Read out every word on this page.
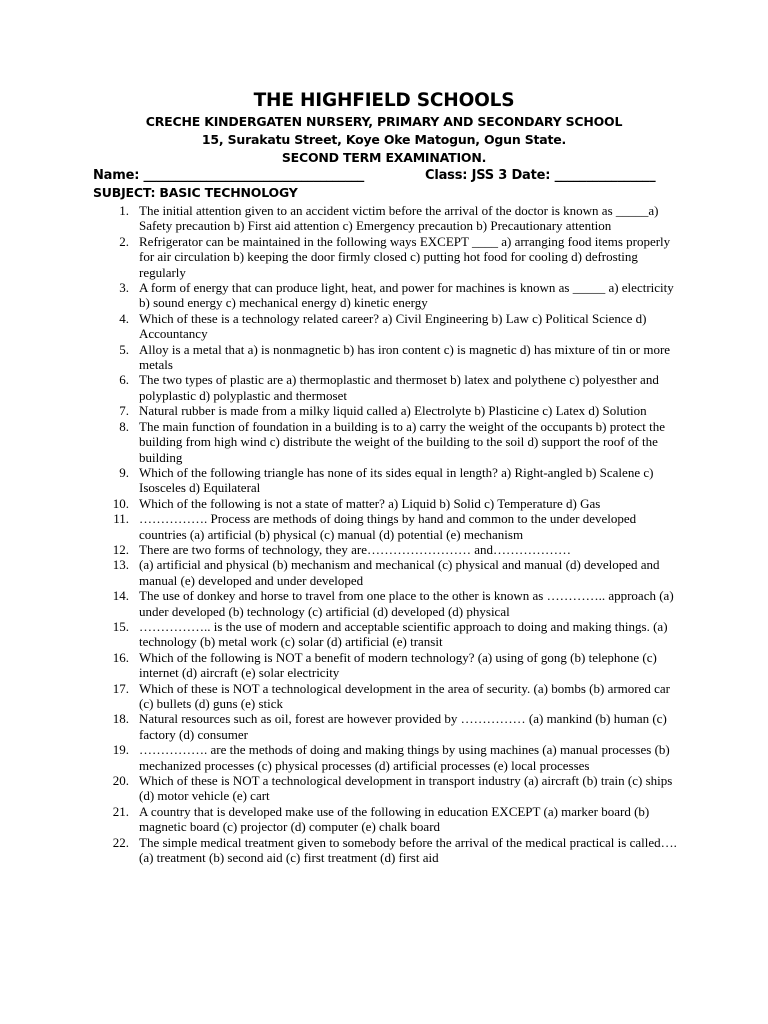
THE HIGHFIELD SCHOOLS
CRECHE KINDERGATEN NURSERY, PRIMARY AND SECONDARY SCHOOL
15, Surakatu Street, Koye Oke Matogun, Ogun State.
SECOND TERM EXAMINATION.
Name: ___________________________________	Class: JSS 3 Date: ________________
SUBJECT: BASIC TECHNOLOGY
1. The initial attention given to an accident victim before the arrival of the doctor is known as _____a) Safety precaution b) First aid attention c) Emergency precaution b) Precautionary attention
2. Refrigerator can be maintained in the following ways EXCEPT ____ a) arranging food items properly for air circulation b) keeping the door firmly closed c) putting hot food for cooling d) defrosting regularly
3. A form of energy that can produce light, heat, and power for machines is known as _____ a) electricity b) sound energy c) mechanical energy d) kinetic energy
4. Which of these is a technology related career? a) Civil Engineering b) Law c) Political Science d) Accountancy
5. Alloy is a metal that a) is nonmagnetic b) has iron content c) is magnetic d) has mixture of tin or more metals
6. The two types of plastic are a) thermoplastic and thermoset b) latex and polythene c) polyesther and polyplastic d) polyplastic and thermoset
7. Natural rubber is made from a milky liquid called a) Electrolyte b) Plasticine c) Latex d) Solution
8. The main function of foundation in a building is to a) carry the weight of the occupants b) protect the building from high wind c) distribute the weight of the building to the soil d) support the roof of the building
9. Which of the following triangle has none of its sides equal in length? a) Right-angled b) Scalene c) Isosceles d) Equilateral
10. Which of the following is not a state of matter? a) Liquid b) Solid c) Temperature d) Gas
11. ……………. Process are methods of doing things by hand and common to the under developed countries (a) artificial (b) physical (c) manual (d) potential (e) mechanism
12. There are two forms of technology, they are…………………… and………………
13. (a) artificial and physical (b) mechanism and mechanical (c) physical and manual (d) developed and manual (e) developed and under developed
14. The use of donkey and horse to travel from one place to the other is known as ………….. approach (a) under developed (b) technology (c) artificial (d) developed (d) physical
15. …………….. is the use of modern and acceptable scientific approach to doing and making things. (a) technology (b) metal work (c) solar (d) artificial (e) transit
16. Which of the following is NOT a benefit of modern technology? (a) using of gong (b) telephone (c) internet (d) aircraft (e) solar electricity
17. Which of these is NOT a technological development in the area of security. (a) bombs (b) armored car (c) bullets (d) guns (e) stick
18. Natural resources such as oil, forest are however provided by …………… (a) mankind (b) human (c) factory (d) consumer
19. ……………. are the methods of doing and making things by using machines (a) manual processes (b) mechanized processes (c) physical processes (d) artificial processes (e) local processes
20. Which of these is NOT a technological development in transport industry (a) aircraft (b) train (c) ships (d) motor vehicle (e) cart
21. A country that is developed make use of the following in education EXCEPT (a) marker board (b) magnetic board (c) projector (d) computer (e) chalk board
22. The simple medical treatment given to somebody before the arrival of the medical practical is called…. (a) treatment (b) second aid (c) first treatment (d) first aid
